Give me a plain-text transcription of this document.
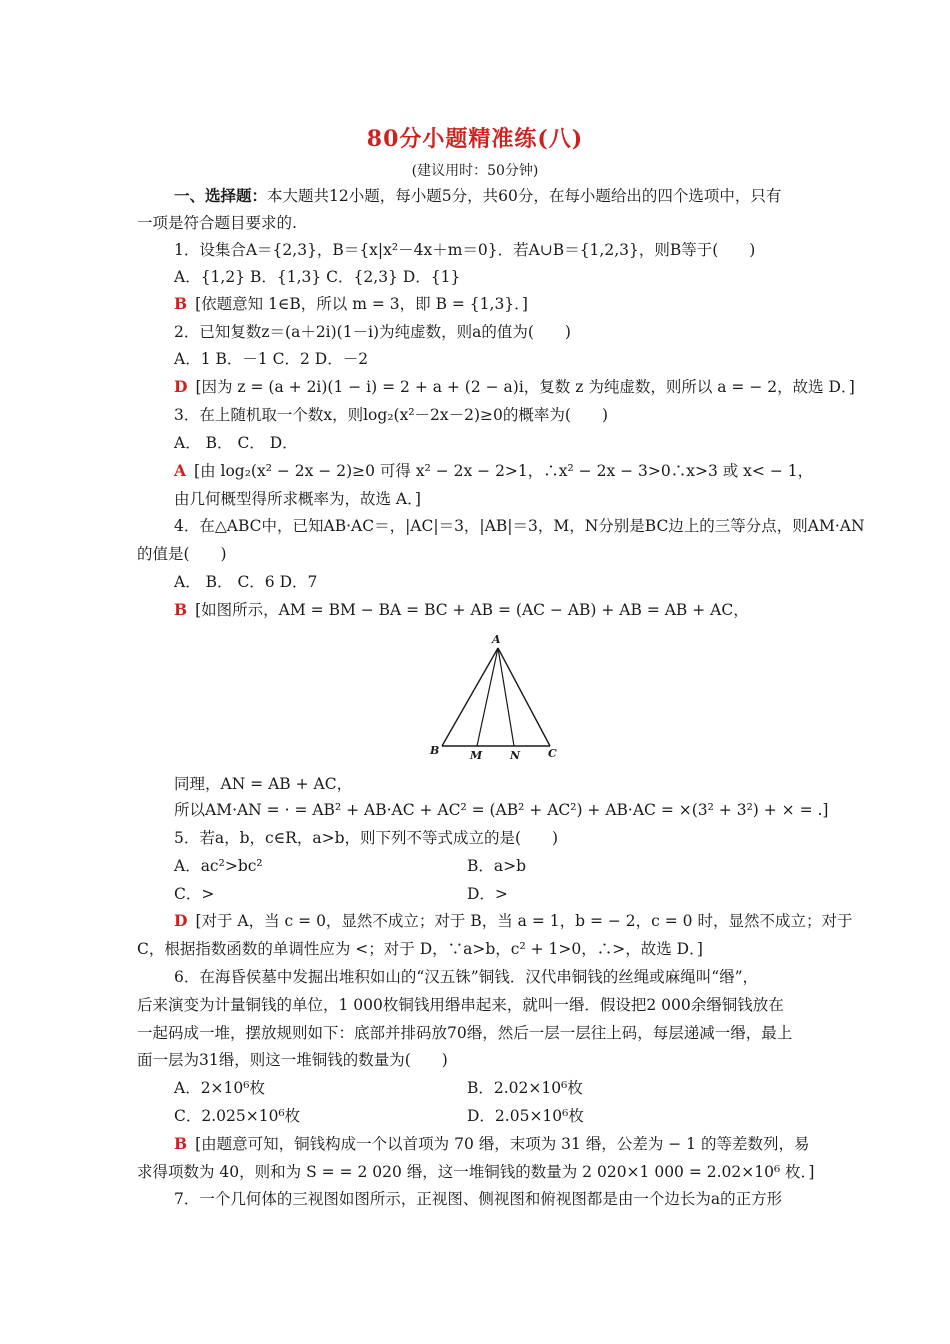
80分小题精准练(八)
(建议用时：50分钟)
一、选择题：本大题共12小题，每小题5分，共60分，在每小题给出的四个选项中，只有
一项是符合题目要求的.
1．设集合A＝{2,3}，B＝{x|x²－4x＋m＝0}．若A∪B＝{1,2,3}，则B等于(　　)
A．{1,2} B．{1,3} C．{2,3} D．{1}
B [依题意知 1∈B，所以 m = 3，即 B = {1,3}．]
2．已知复数z＝(a＋2i)(1－i)为纯虚数，则a的值为(　　)
A．1 B．－1 C．2 D．－2
D [因为 z = (a + 2i)(1 − i) = 2 + a + (2 − a)i，复数 z 为纯虚数，则所以 a = − 2，故选 D．]
3．在上随机取一个数x，则log₂(x²－2x－2)≥0的概率为(　　)
A． B． C． D．
A [由 log₂(x² − 2x − 2)≥0 可得 x² − 2x − 2>1，∴x² − 2x − 3>0∴x>3 或 x< − 1，
由几何概型得所求概率为，故选 A．]
4．在△ABC中，已知AB·AC＝，|AC|＝3，|AB|＝3，M，N分别是BC边上的三等分点，则AM·AN
的值是(　　)
A． B． C．6 D．7
B [如图所示，AM = BM − BA = BC + AB = (AC − AB) + AB = AB + AC，
A
B	M	N	C
同理，AN = AB + AC，
所以AM·AN = · = AB² + AB·AC + AC² = (AB² + AC²) + AB·AC = ×(3² + 3²) + × = .]
5．若a，b，c∈R，a>b，则下列不等式成立的是(　　)
A．ac²>bc²	B．a>b
C．>	D．>
D [对于 A，当 c = 0，显然不成立；对于 B，当 a = 1，b = − 2，c = 0 时，显然不成立；对于
C，根据指数函数的单调性应为 <；对于 D，∵a>b，c² + 1>0，∴>，故选 D．]
6．在海昏侯墓中发掘出堆积如山的“汉五铢”铜钱．汉代串铜钱的丝绳或麻绳叫“缗”，
后来演变为计量铜钱的单位，1 000枚铜钱用缗串起来，就叫一缗．假设把2 000余缗铜钱放在
一起码成一堆，摆放规则如下：底部并排码放70缗，然后一层一层往上码，每层递减一缗，最上
面一层为31缗，则这一堆铜钱的数量为(　　)
A．2×10⁶枚	B．2.02×10⁶枚
C．2.025×10⁶枚	D．2.05×10⁶枚
B [由题意可知，铜钱构成一个以首项为 70 缗，末项为 31 缗，公差为 − 1 的等差数列，易
求得项数为 40，则和为 S = = 2 020 缗，这一堆铜钱的数量为 2 020×1 000 = 2.02×10⁶ 枚．]
7．一个几何体的三视图如图所示，正视图、侧视图和俯视图都是由一个边长为a的正方形
